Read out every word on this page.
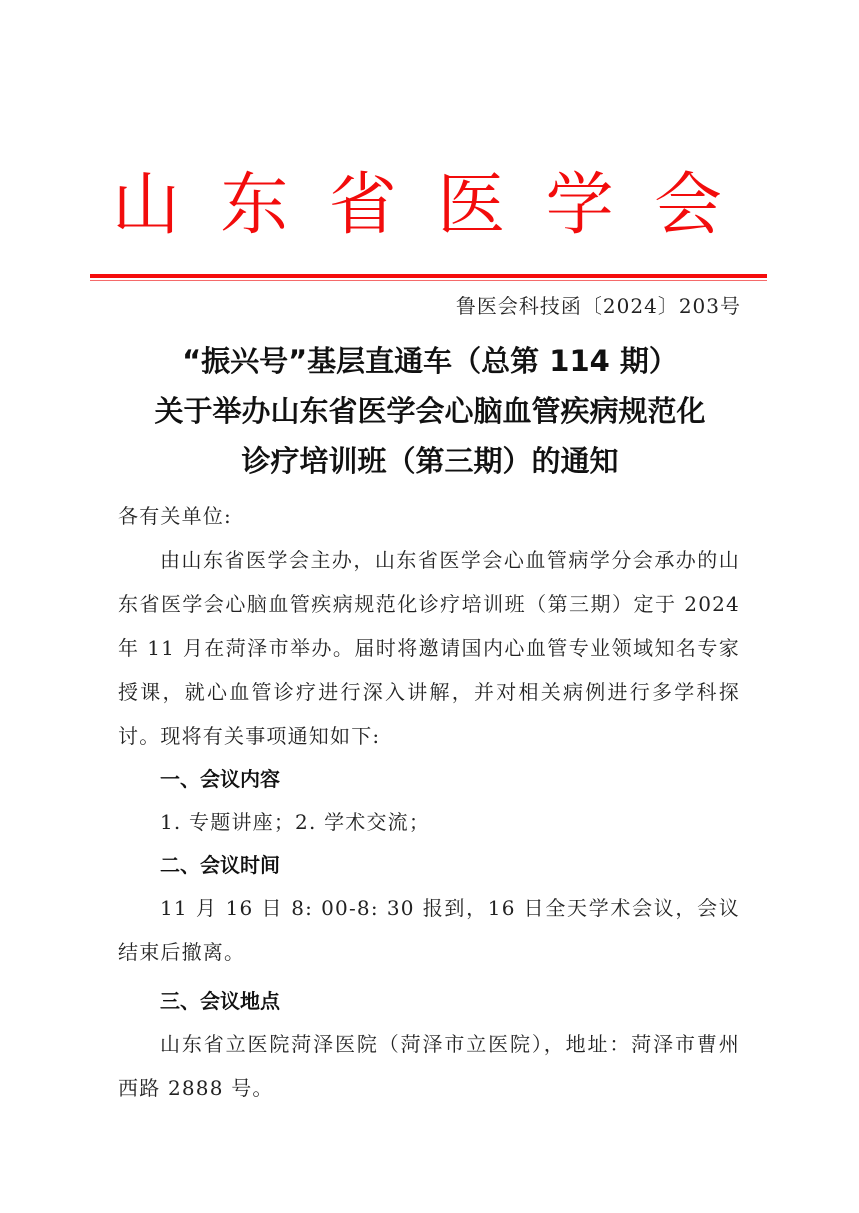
山 东 省 医 学 会
鲁医会科技函〔2024〕203号
“振兴号”基层直通车（总第 114 期）
关于举办山东省医学会心脑血管疾病规范化
诊疗培训班（第三期）的通知

各有关单位:

由山东省医学会主办，山东省医学会心血管病学分会承办的山东省医学会心脑血管疾病规范化诊疗培训班（第三期）定于 2024 年 11 月在菏泽市举办。届时将邀请国内心血管专业领域知名专家授课，就心血管诊疗进行深入讲解，并对相关病例进行多学科探讨。现将有关事项通知如下:

一、会议内容

1. 专题讲座；2. 学术交流；

二、会议时间

11 月 16 日 8: 00-8: 30 报到，16 日全天学术会议，会议结束后撤离。

三、会议地点

山东省立医院菏泽医院（菏泽市立医院），地址：菏泽市曹州西路 2888 号。
